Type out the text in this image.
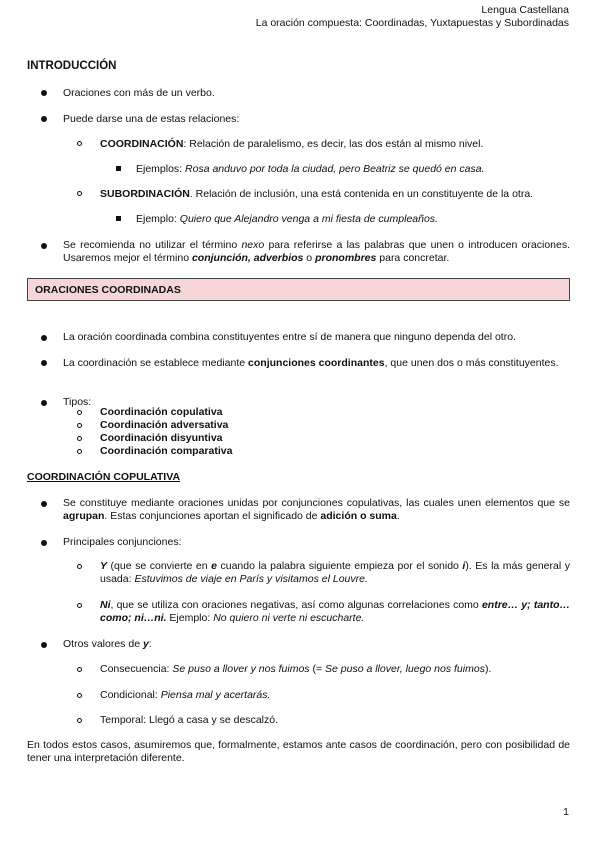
Lengua Castellana
La oración compuesta: Coordinadas, Yuxtapuestas y Subordinadas
INTRODUCCIÓN
Oraciones con más de un verbo.
Puede darse una de estas relaciones:
COORDINACIÓN: Relación de paralelismo, es decir, las dos están al mismo nivel.
Ejemplos: Rosa anduvo por toda la ciudad, pero Beatriz se quedó en casa.
SUBORDINACIÓN. Relación de inclusión, una está contenida en un constituyente de la otra.
Ejemplo: Quiero que Alejandro venga a mi fiesta de cumpleaños.
Se recomienda no utilizar el término nexo para referirse a las palabras que unen o introducen oraciones. Usaremos mejor el término conjunción, adverbios o pronombres para concretar.
ORACIONES COORDINADAS
La oración coordinada combina constituyentes entre sí de manera que ninguno dependa del otro.
La coordinación se establece mediante conjunciones coordinantes, que unen dos o más constituyentes.
Tipos:
Coordinación copulativa
Coordinación adversativa
Coordinación disyuntiva
Coordinación comparativa
COORDINACIÓN COPULATIVA
Se constituye mediante oraciones unidas por conjunciones copulativas, las cuales unen elementos que se agrupan. Estas conjunciones aportan el significado de adición o suma.
Principales conjunciones:
Y (que se convierte en e cuando la palabra siguiente empieza por el sonido i). Es la más general y usada: Estuvimos de viaje en París y visitamos el Louvre.
Ni, que se utiliza con oraciones negativas, así como algunas correlaciones como entre… y; tanto…como; ni…ni. Ejemplo: No quiero ni verte ni escucharte.
Otros valores de y:
Consecuencia: Se puso a llover y nos fuimos (= Se puso a llover, luego nos fuimos).
Condicional: Piensa mal y acertarás.
Temporal: Llegó a casa y se descalzó.
En todos estos casos, asumiremos que, formalmente, estamos ante casos de coordinación, pero con posibilidad de tener una interpretación diferente.
1
